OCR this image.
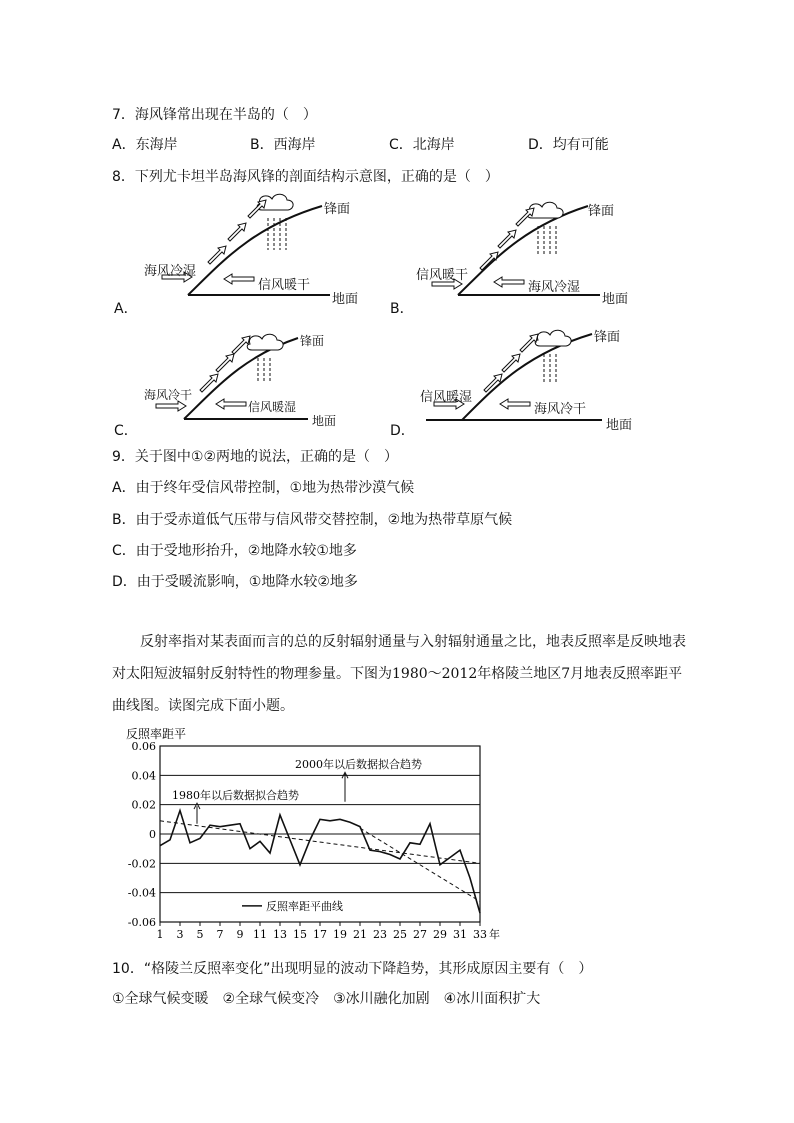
7．海风锋常出现在半岛的（　）
A．东海岸	B．西海岸	C．北海岸	D．均有可能
8．下列尤卡坦半岛海风锋的剖面结构示意图，正确的是（　）
海风冷湿
信风暖干
锋面
地面
A．
信风暖干
海风冷湿
锋面
地面
B．
海风冷干
信风暖湿
锋面
地面
C．
信风暖湿
海风冷干
锋面
地面
D．
9．关于图中①②两地的说法，正确的是（　）
A．由于终年受信风带控制，①地为热带沙漠气候
B．由于受赤道低气压带与信风带交替控制，②地为热带草原气候
C．由于受地形抬升，②地降水较①地多
D．由于受暖流影响，①地降水较②地多

反射率指对某表面而言的总的反射辐射通量与入射辐射通量之比，地表反照率是反映地表对太阳短波辐射反射特性的物理参量。下图为1980～2012年格陵兰地区7月地表反照率距平曲线图。读图完成下面小题。

反照率距平
0.06
0.04
0.02
0
-0.02
-0.04
-0.06
1 3 5 7 9 11 13 15 17 19 21 23 25 27 29 31 33 年
1980年以后数据拟合趋势
2000年以后数据拟合趋势
反照率距平曲线
10．“格陵兰反照率变化”出现明显的波动下降趋势，其形成原因主要有（　）
①全球气候变暖　②全球气候变冷　③冰川融化加剧　④冰川面积扩大
